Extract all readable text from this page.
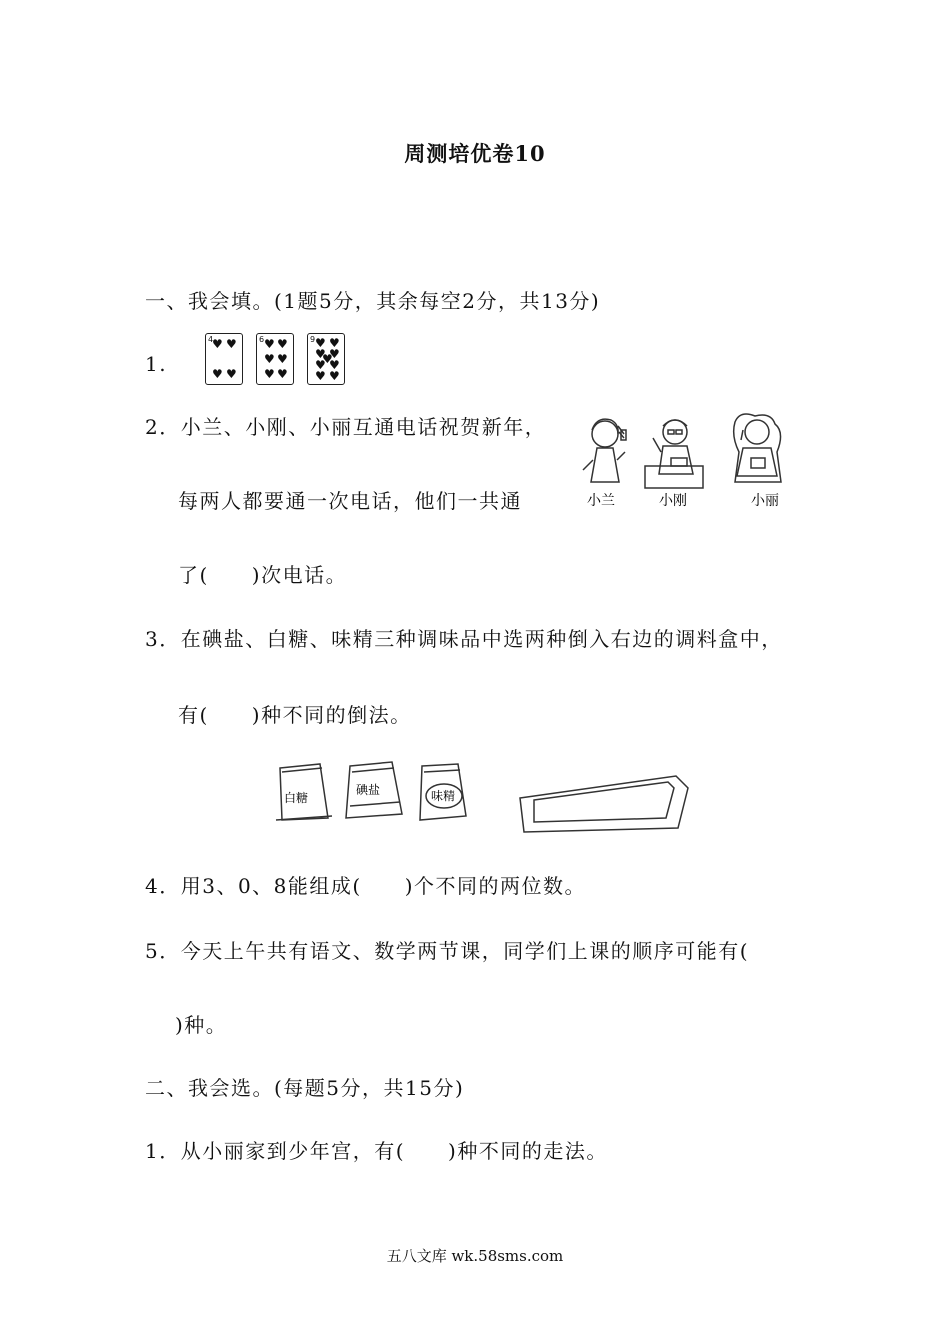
周测培优卷10
一、我会填。(1题5分，其余每空2分，共13分)
1.
4
♥ ♥
♥ ♥
6 ♥ ♥
♥ ♥
♥ ♥
9 ♥ ♥
♥ ♥
♥
♥ ♥
♥ ♥
2．小兰、小刚、小丽互通电话祝贺新年，
每两人都要通一次电话，他们一共通
了(　　)次电话。
小兰	小刚	小丽
3．在碘盐、白糖、味精三种调味品中选两种倒入右边的调料盒中，
有(　　)种不同的倒法。
白糖
碘盐	味精
4．用3、0、8能组成(　　)个不同的两位数。
5．今天上午共有语文、数学两节课，同学们上课的顺序可能有(
)种。
二、我会选。(每题5分，共15分)
1．从小丽家到少年宫，有(　　)种不同的走法。
五八文库 wk.58sms.com
